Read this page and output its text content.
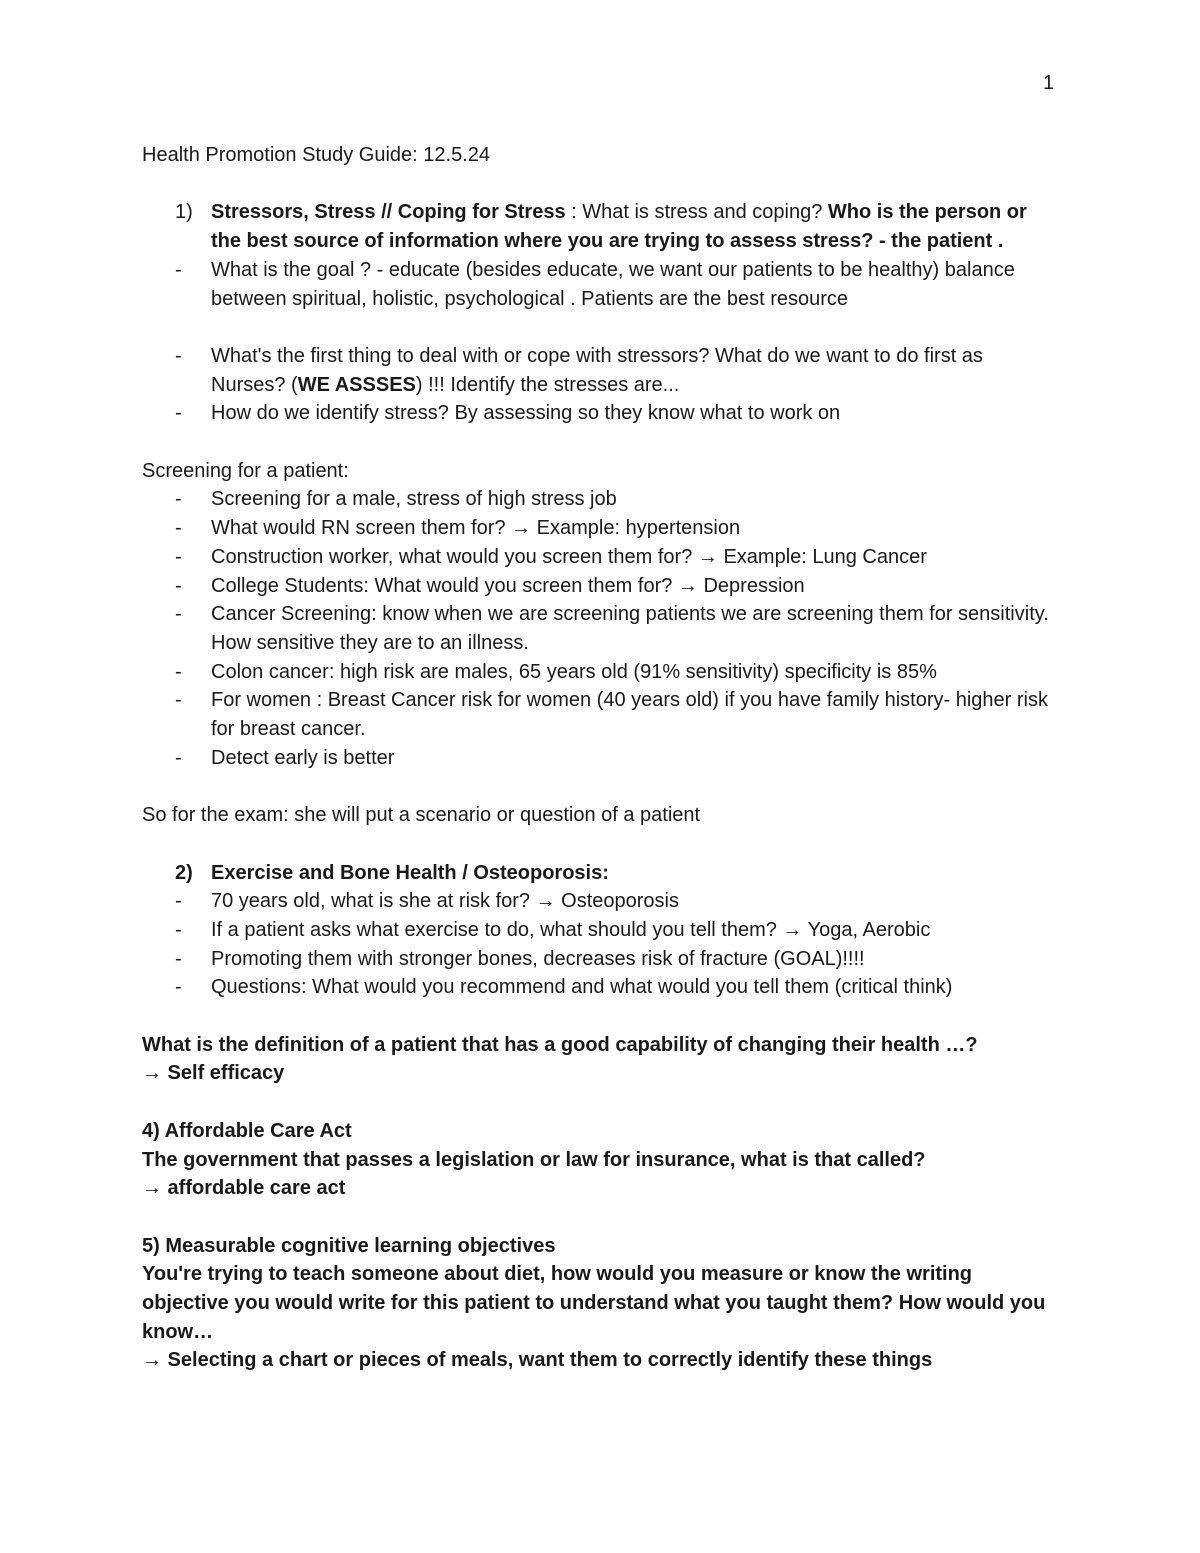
1
Health Promotion Study Guide: 12.5.24
1) Stressors, Stress // Coping for Stress : What is stress and coping? Who is the person or the best source of information where you are trying to assess stress? - the patient .
- What is the goal ? - educate (besides educate, we want our patients to be healthy) balance between spiritual, holistic, psychological . Patients are the best resource
- What's the first thing to deal with or cope with stressors? What do we want to do first as Nurses? (WE ASSSES) !!! Identify the stresses are...
- How do we identify stress? By assessing so they know what to work on
Screening for a patient:
- Screening for a male, stress of high stress job
- What would RN screen them for? → Example: hypertension
- Construction worker, what would you screen them for? → Example: Lung Cancer
- College Students: What would you screen them for? → Depression
- Cancer Screening: know when we are screening patients we are screening them for sensitivity. How sensitive they are to an illness.
- Colon cancer: high risk are males, 65 years old (91% sensitivity) specificity is 85%
- For women : Breast Cancer risk for women (40 years old) if you have family history- higher risk for breast cancer.
- Detect early is better
So for the exam: she will put a scenario or question of a patient
2) Exercise and Bone Health / Osteoporosis:
- 70 years old, what is she at risk for? → Osteoporosis
- If a patient asks what exercise to do, what should you tell them? → Yoga, Aerobic
- Promoting them with stronger bones, decreases risk of fracture (GOAL)!!!!
- Questions: What would you recommend and what would you tell them (critical think)
What is the definition of a patient that has a good capability of changing their health …?
→ Self efficacy
4) Affordable Care Act
The government that passes a legislation or law for insurance, what is that called?
→ affordable care act
5) Measurable cognitive learning objectives
You're trying to teach someone about diet, how would you measure or know the writing objective you would write for this patient to understand what you taught them? How would you know…
→ Selecting a chart or pieces of meals, want them to correctly identify these things
